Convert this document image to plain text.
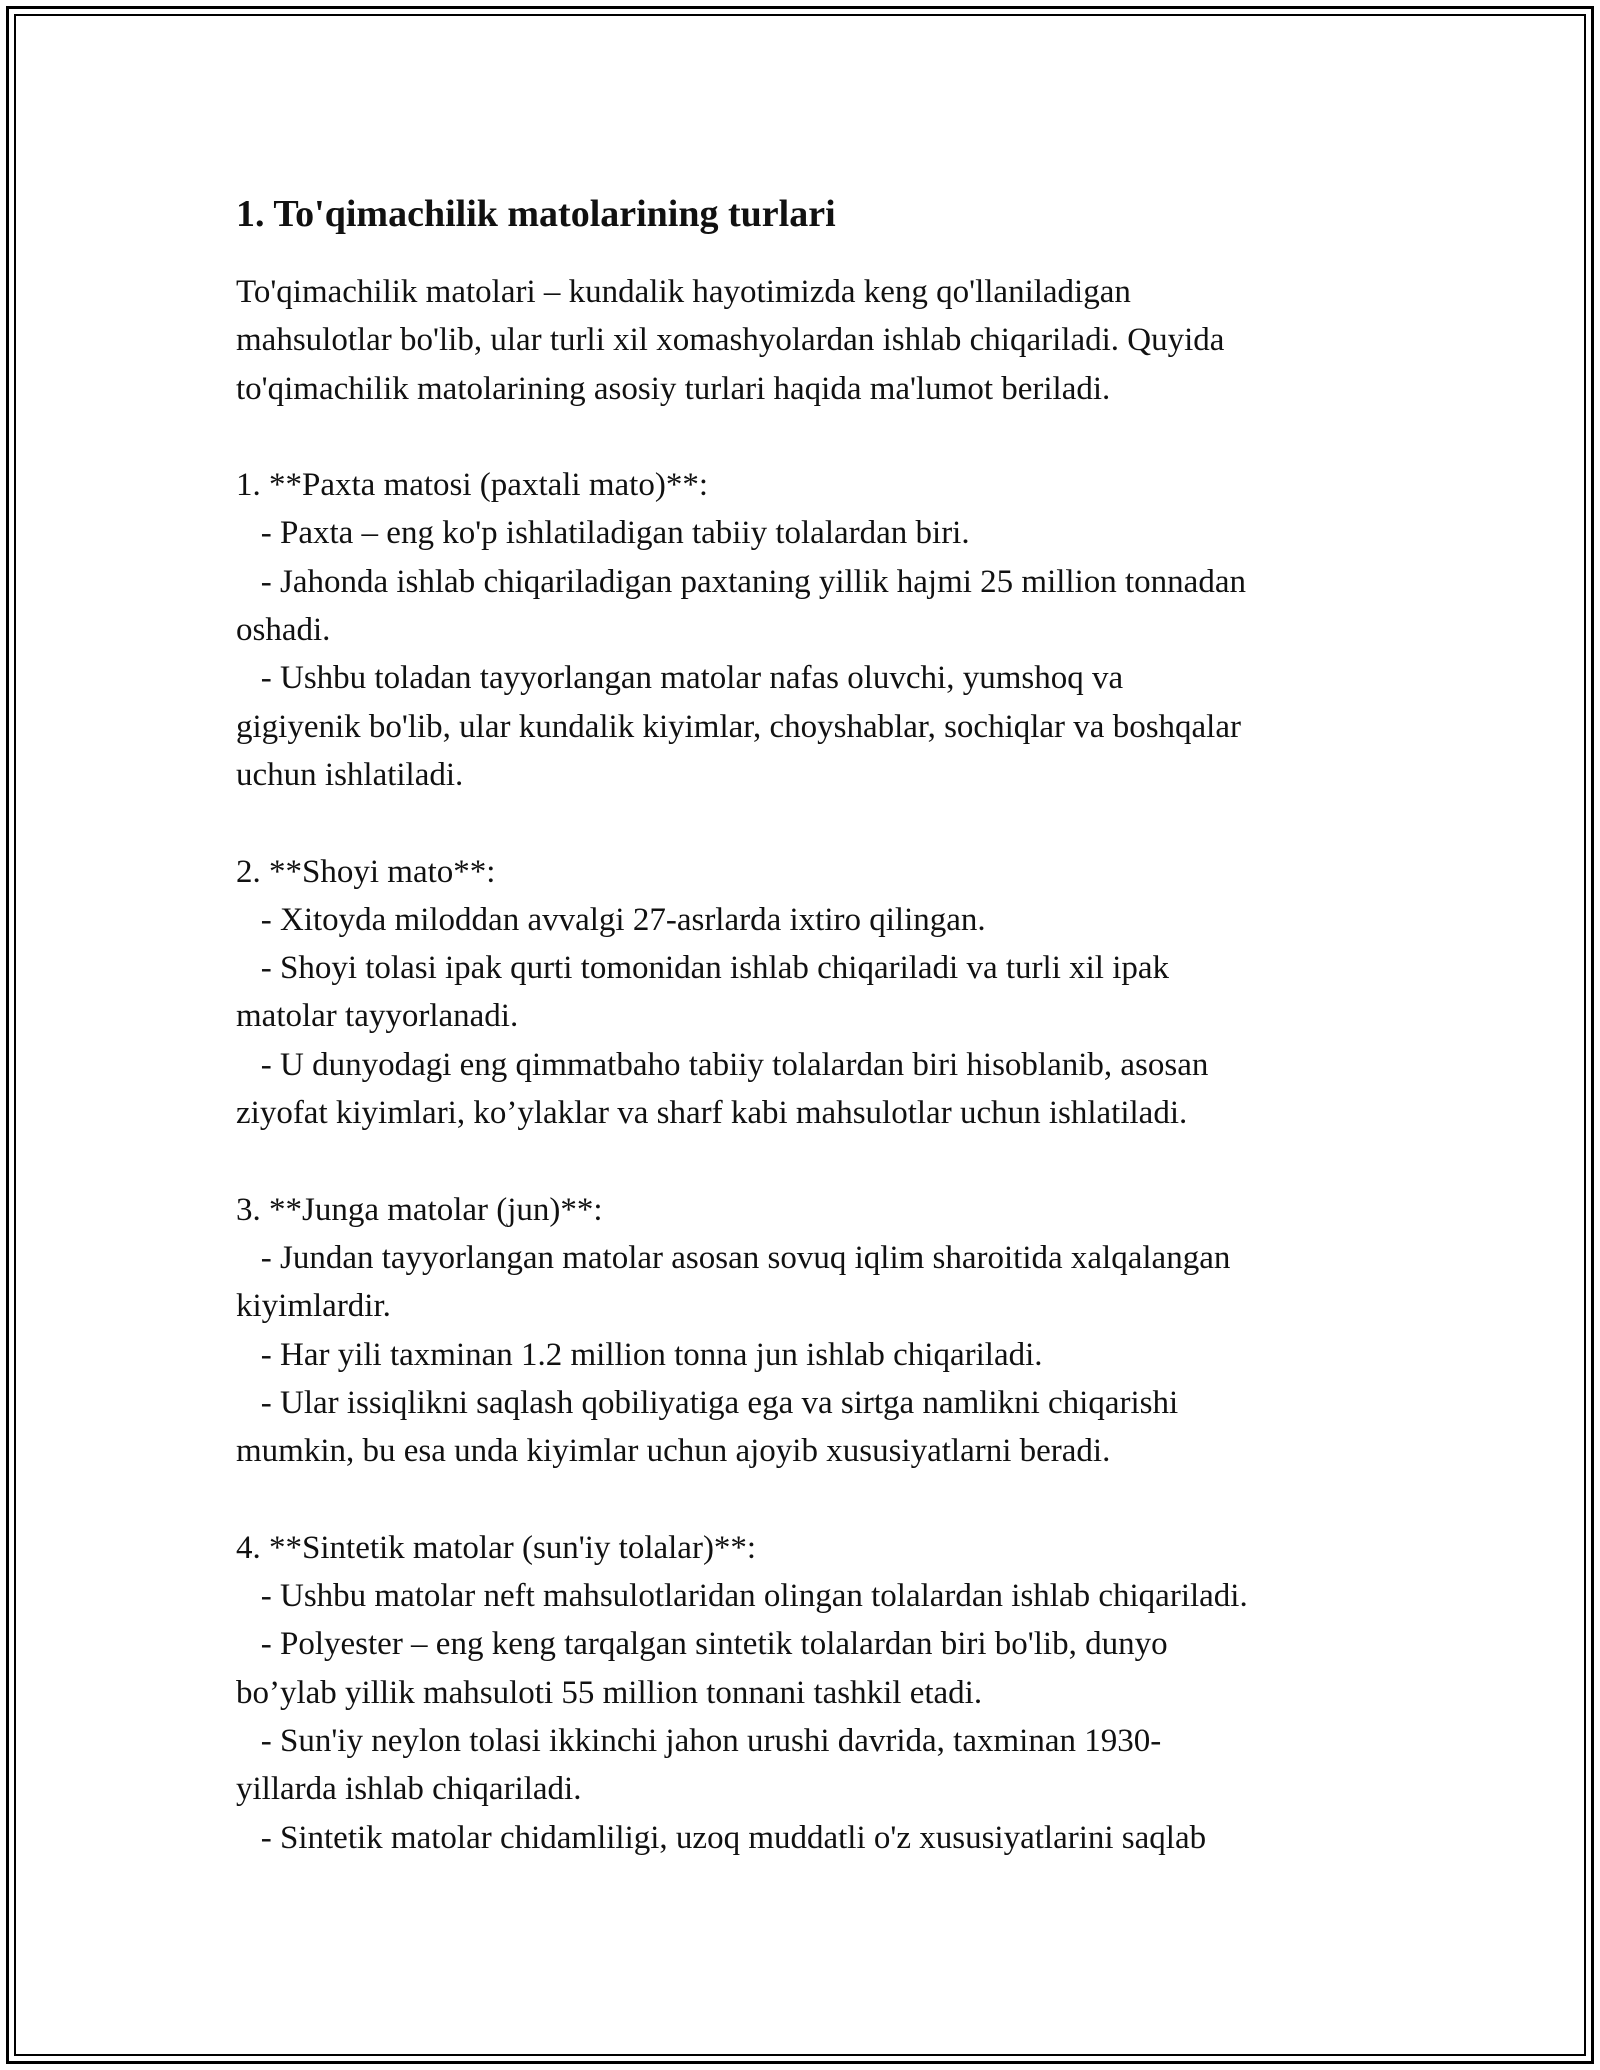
1. To'qimachilik matolarining turlari

To'qimachilik matolari – kundalik hayotimizda keng qo'llaniladigan
mahsulotlar bo'lib, ular turli xil xomashyolardan ishlab chiqariladi. Quyida
to'qimachilik matolarining asosiy turlari haqida ma'lumot beriladi.

1. **Paxta matosi (paxtali mato)**:
- Paxta – eng ko'p ishlatiladigan tabiiy tolalardan biri.
- Jahonda ishlab chiqariladigan paxtaning yillik hajmi 25 million tonnadan
oshadi.
- Ushbu toladan tayyorlangan matolar nafas oluvchi, yumshoq va
gigiyenik bo'lib, ular kundalik kiyimlar, choyshablar, sochiqlar va boshqalar
uchun ishlatiladi.

2. **Shoyi mato**:
- Xitoyda miloddan avvalgi 27-asrlarda ixtiro qilingan.
- Shoyi tolasi ipak qurti tomonidan ishlab chiqariladi va turli xil ipak
matolar tayyorlanadi.
- U dunyodagi eng qimmatbaho tabiiy tolalardan biri hisoblanib, asosan
ziyofat kiyimlari, ko’ylaklar va sharf kabi mahsulotlar uchun ishlatiladi.

3. **Junga matolar (jun)**:
- Jundan tayyorlangan matolar asosan sovuq iqlim sharoitida xalqalangan
kiyimlardir.
- Har yili taxminan 1.2 million tonna jun ishlab chiqariladi.
- Ular issiqlikni saqlash qobiliyatiga ega va sirtga namlikni chiqarishi
mumkin, bu esa unda kiyimlar uchun ajoyib xususiyatlarni beradi.

4. **Sintetik matolar (sun'iy tolalar)**:
- Ushbu matolar neft mahsulotlaridan olingan tolalardan ishlab chiqariladi.
- Polyester – eng keng tarqalgan sintetik tolalardan biri bo'lib, dunyo
bo’ylab yillik mahsuloti 55 million tonnani tashkil etadi.
- Sun'iy neylon tolasi ikkinchi jahon urushi davrida, taxminan 1930-
yillarda ishlab chiqariladi.
- Sintetik matolar chidamliligi, uzoq muddatli o'z xususiyatlarini saqlab
